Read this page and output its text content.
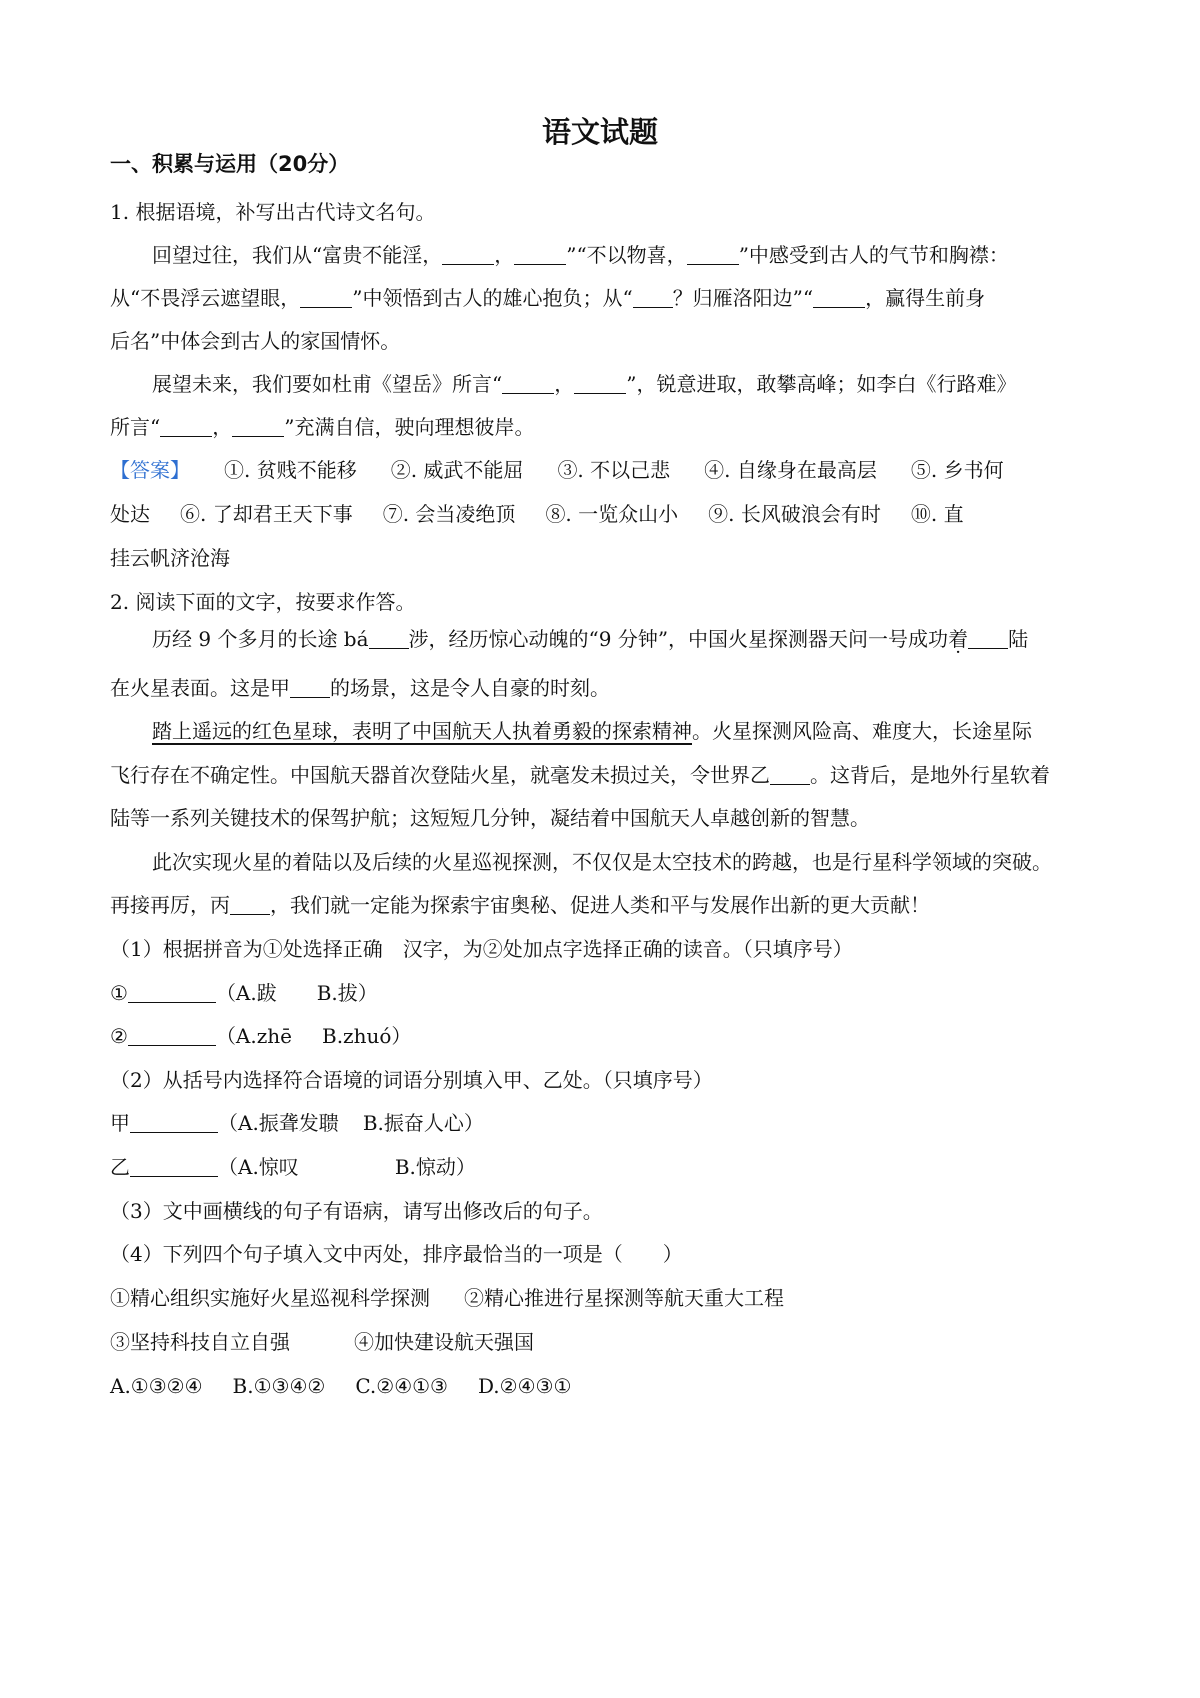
语文试题
一、积累与运用（20分）
1. 根据语境，补写出古代诗文名句。
回望过往，我们从“富贵不能淫，	，	”“不以物喜，	”中感受到古人的气节和胸襟：
从“不畏浮云遮望眼，	”中领悟到古人的雄心抱负；从“ ？归雁洛阳边”“	，赢得生前身
后名”中体会到古人的家国情怀。
展望未来，我们要如杜甫《望岳》所言“	，	”，锐意进取，敢攀高峰；如李白《行路难》
所言“	，	”充满自信，驶向理想彼岸。
【答案】 ①. 贫贱不能移 ②. 威武不能屈 ③. 不以己悲 ④. 自缘身在最高层 ⑤. 乡书何
处达 ⑥. 了却君王天下事 ⑦. 会当凌绝顶 ⑧. 一览众山小 ⑨. 长风破浪会有时 ⑩. 直
挂云帆济沧海
2. 阅读下面的文字，按要求作答。
历经 9 个多月的长途 bá 涉，经历惊心动魄的“9 分钟”，中国火星探测器天问一号成功着 陆
在火星表面。这是甲 的场景，这是令人自豪的时刻。
踏上遥远的红色星球，表明了中国航天人执着勇毅的探索精神。火星探测风险高、难度大，长途星际
飞行存在不确定性。中国航天器首次登陆火星，就毫发未损过关，令世界乙 。这背后，是地外行星软着
陆等一系列关键技术的保驾护航；这短短几分钟，凝结着中国航天人卓越创新的智慧。
此次实现火星的着陆以及后续的火星巡视探测，不仅仅是太空技术的跨越，也是行星科学领域的突破。
再接再厉，丙 ，我们就一定能为探索宇宙奥秘、促进人类和平与发展作出新的更大贡献！
（1）根据拼音为①处选择正确　汉字，为②处加点字选择正确的读音。（只填序号）
①	（A.跋　　B.拔）
②	（A.zhē B.zhuó）
（2）从括号内选择符合语境的词语分别填入甲、乙处。（只填序号）
甲	（A.振聋发聩 B.振奋人心）
乙	（A.惊叹	B.惊动）
（3）文中画横线的句子有语病，请写出修改后的句子。
（4）下列四个句子填入文中丙处，排序最恰当的一项是（　　）
①精心组织实施好火星巡视科学探测 ②精心推进行星探测等航天重大工程
③坚持科技自立自强	④加快建设航天强国
A.①③②④ B.①③④② C.②④①③ D.②④③①
